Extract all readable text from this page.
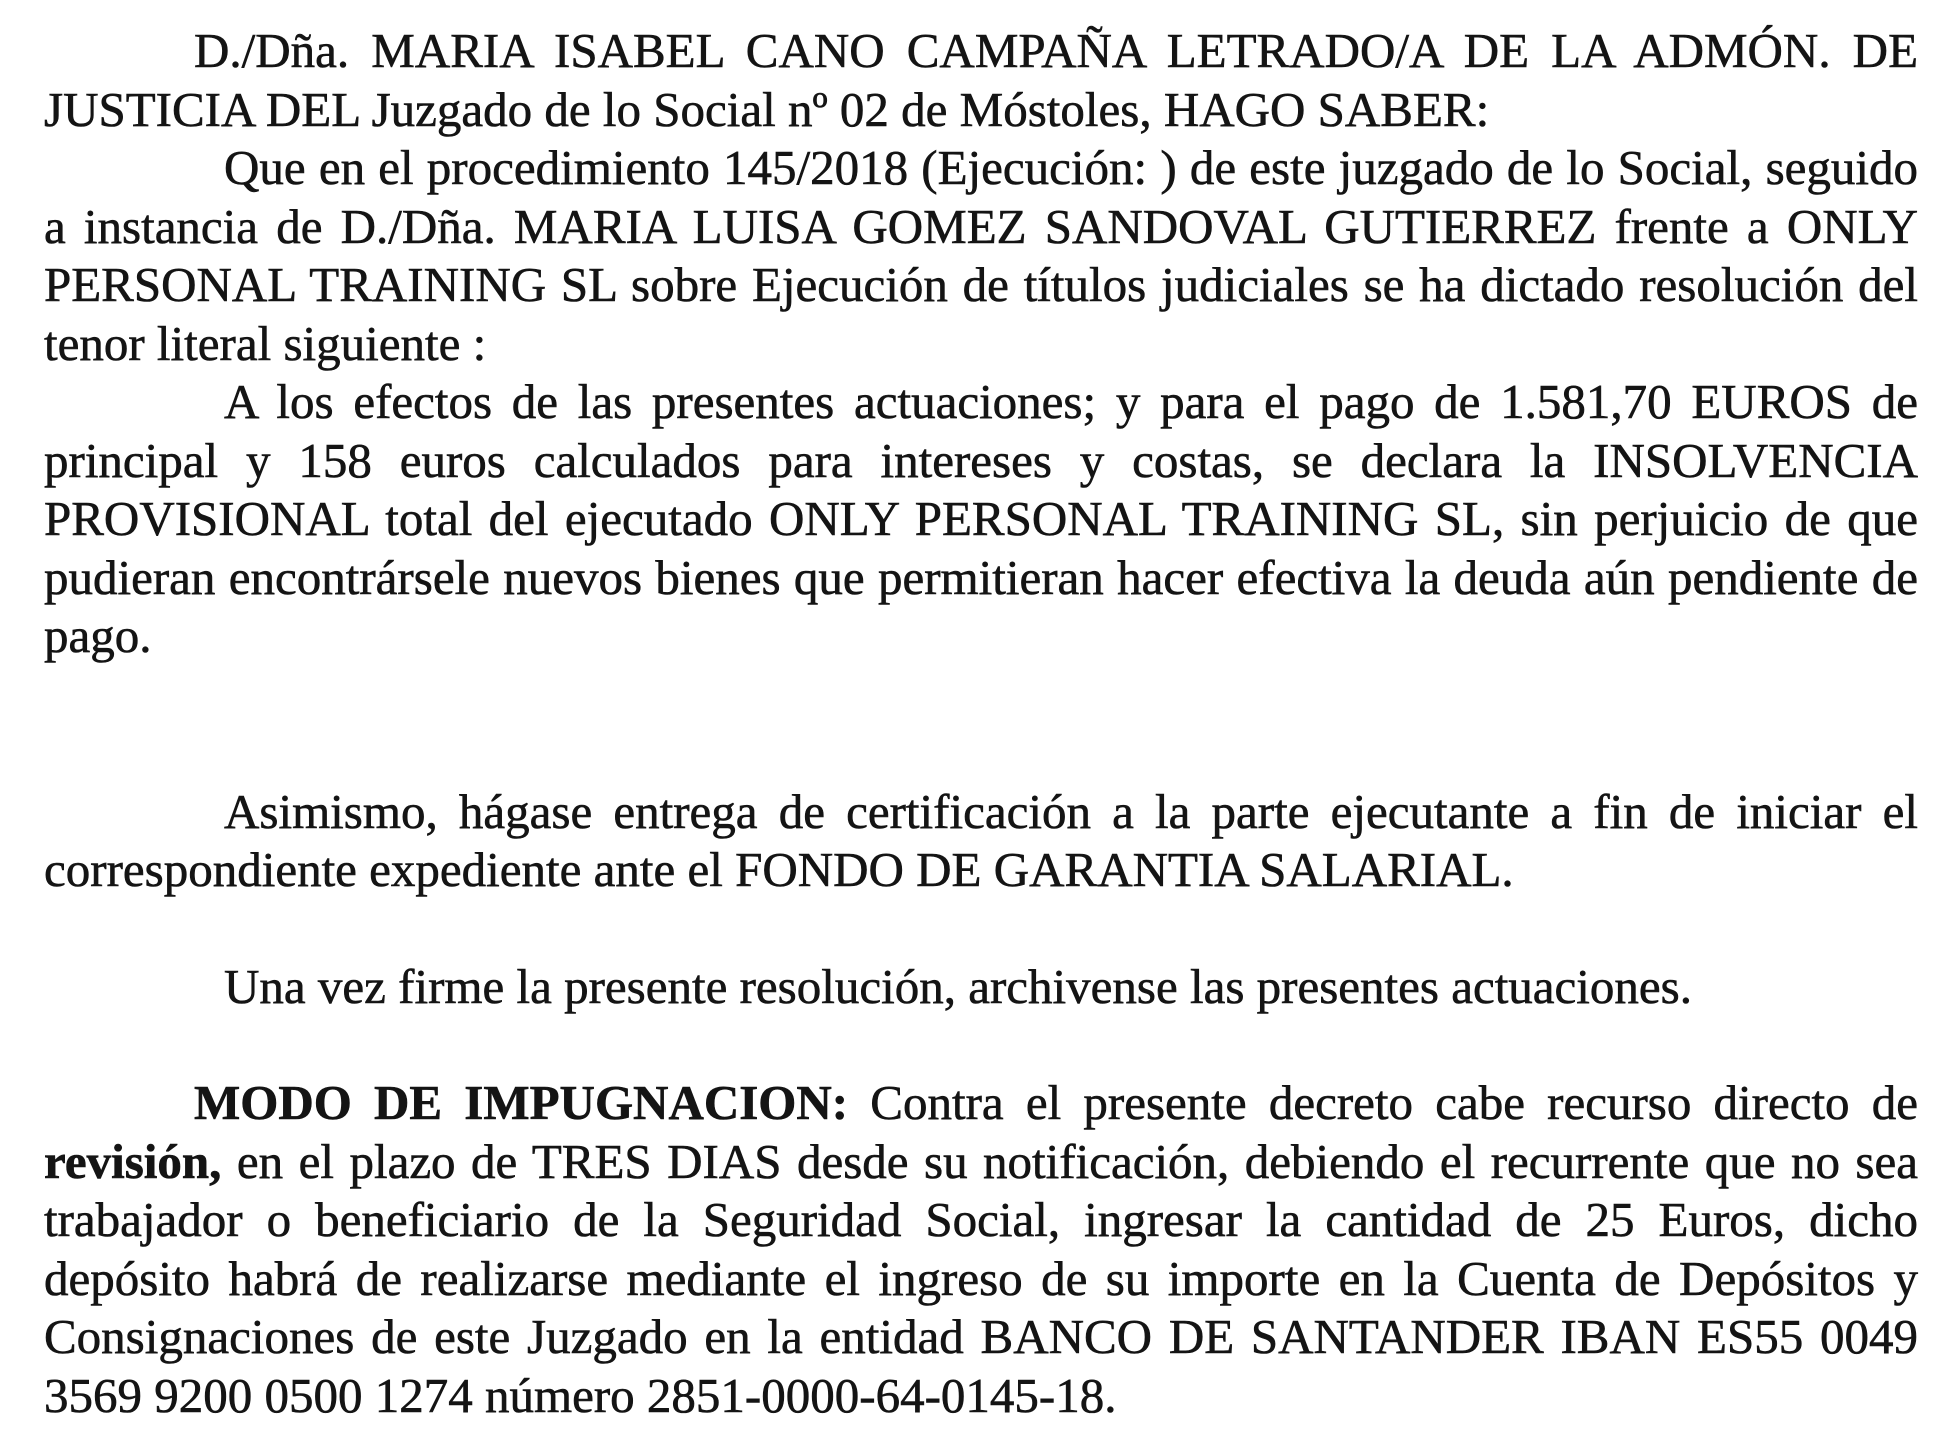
D./Dña. MARIA ISABEL CANO CAMPAÑA LETRADO/A DE LA ADMÓN. DE JUSTICIA DEL Juzgado de lo Social nº 02 de Móstoles, HAGO SABER:

Que en el procedimiento 145/2018 (Ejecución: ) de este juzgado de lo Social, seguido a instancia de D./Dña. MARIA LUISA GOMEZ SANDOVAL GUTIERREZ frente a ONLY PERSONAL TRAINING SL sobre Ejecución de títulos judiciales se ha dictado resolución del tenor literal siguiente :

A los efectos de las presentes actuaciones; y para el pago de 1.581,70 EUROS de principal y 158 euros calculados para intereses y costas, se declara la INSOLVENCIA PROVISIONAL total del ejecutado ONLY PERSONAL TRAINING SL, sin perjuicio de que pudieran encontrársele nuevos bienes que permitieran hacer efectiva la deuda aún pendiente de pago.

Asimismo, hágase entrega de certificación a la parte ejecutante a fin de iniciar el correspondiente expediente ante el FONDO DE GARANTIA SALARIAL.

Una vez firme la presente resolución, archivense las presentes actuaciones.

MODO DE IMPUGNACION: Contra el presente decreto cabe recurso directo de revisión, en el plazo de TRES DIAS desde su notificación, debiendo el recurrente que no sea trabajador o beneficiario de la Seguridad Social, ingresar la cantidad de 25 Euros, dicho depósito habrá de realizarse mediante el ingreso de su importe en la Cuenta de Depósitos y Consignaciones de este Juzgado en la entidad BANCO DE SANTANDER IBAN ES55 0049 3569 9200 0500 1274 número 2851-0000-64-0145-18.
